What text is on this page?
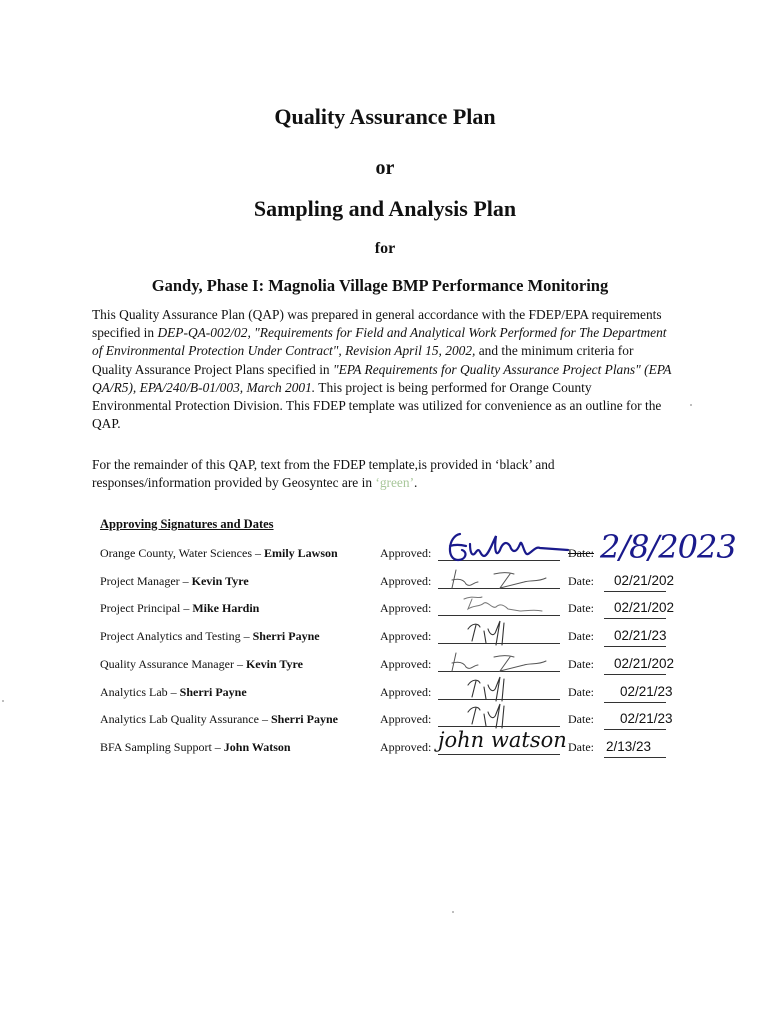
Quality Assurance Plan
or
Sampling and Analysis Plan
for
Gandy, Phase I: Magnolia Village BMP Performance Monitoring
This Quality Assurance Plan (QAP) was prepared in general accordance with the FDEP/EPA requirements specified in DEP-QA-002/02, "Requirements for Field and Analytical Work Performed for The Department of Environmental Protection Under Contract", Revision April 15, 2002, and the minimum criteria for Quality Assurance Project Plans specified in "EPA Requirements for Quality Assurance Project Plans" (EPA QA/R5), EPA/240/B-01/003, March 2001. This project is being performed for Orange County Environmental Protection Division. This FDEP template was utilized for convenience as an outline for the QAP.
For the remainder of this QAP, text from the FDEP template,is provided in ‘black’ and responses/information provided by Geosyntec are in ‘green’.
Approving Signatures and Dates
Orange County, Water Sciences – Emily Lawson	Approved:	Date: 2/8/2023
Project Manager – Kevin Tyre	Approved:	Date: 02/21/202
Project Principal – Mike Hardin	Approved:	Date: 02/21/202
Project Analytics and Testing – Sherri Payne	Approved:	Date: 02/21/23
Quality Assurance Manager – Kevin Tyre	Approved:	Date: 02/21/202
Analytics Lab – Sherri Payne	Approved:	Date: 02/21/23
Analytics Lab Quality Assurance – Sherri Payne	Approved:	Date: 02/21/23
BFA Sampling Support – John Watson	Approved: john watson Date: 2/13/23
